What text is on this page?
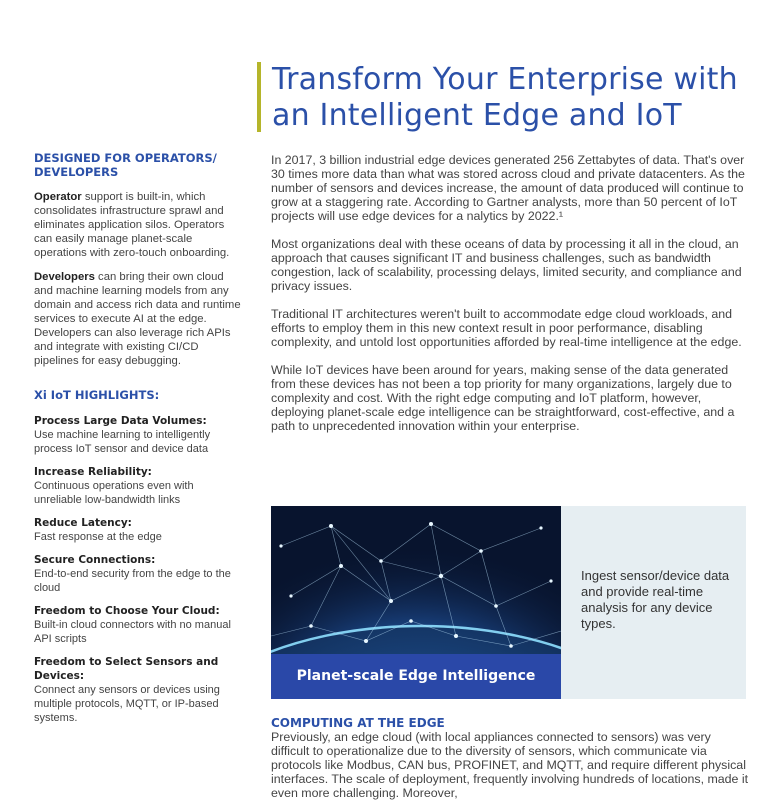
Transform Your Enterprise with an Intelligent Edge and IoT
DESIGNED FOR OPERATORS/ DEVELOPERS

Operator support is built-in, which consolidates infrastructure sprawl and eliminates application silos. Operators can easily manage planet-scale operations with zero-touch onboarding.

Developers can bring their own cloud and machine learning models from any domain and access rich data and runtime services to execute AI at the edge. Developers can also leverage rich APIs and integrate with existing CI/CD pipelines for easy debugging.

Xi IoT HIGHLIGHTS:
Process Large Data Volumes:
Use machine learning to intelligently process IoT sensor and device data
Increase Reliability:
Continuous operations even with unreliable low-bandwidth links
Reduce Latency:
Fast response at the edge
Secure Connections:
End-to-end security from the edge to the cloud
Freedom to Choose Your Cloud:
Built-in cloud connectors with no manual API scripts
Freedom to Select Sensors and Devices:
Connect any sensors or devices using multiple protocols, MQTT, or IP-based systems.

In 2017, 3 billion industrial edge devices generated 256 Zettabytes of data. That's over 30 times more data than what was stored across cloud and private datacenters. As the number of sensors and devices increase, the amount of data produced will continue to grow at a staggering rate. According to Gartner analysts, more than 50 percent of IoT projects will use edge devices for a nalytics by 2022.¹

Most organizations deal with these oceans of data by processing it all in the cloud, an approach that causes significant IT and business challenges, such as bandwidth congestion, lack of scalability, processing delays, limited security, and compliance and privacy issues.

Traditional IT architectures weren't built to accommodate edge cloud workloads, and efforts to employ them in this new context result in poor performance, disabling complexity, and untold lost opportunities afforded by real-time intelligence at the edge.

While IoT devices have been around for years, making sense of the data generated from these devices has not been a top priority for many organizations, largely due to complexity and cost. With the right edge computing and IoT platform, however, deploying planet-scale edge intelligence can be straightforward, cost-effective, and a path to unprecedented innovation within your enterprise.

Planet-scale Edge Intelligence

Ingest sensor/device data and provide real-time analysis for any device types.

COMPUTING AT THE EDGE

Previously, an edge cloud (with local appliances connected to sensors) was very difficult to operationalize due to the diversity of sensors, which communicate via protocols like Modbus, CAN bus, PROFINET, and MQTT, and require different physical interfaces. The scale of deployment, frequently involving hundreds of locations, made it even more challenging. Moreover,
